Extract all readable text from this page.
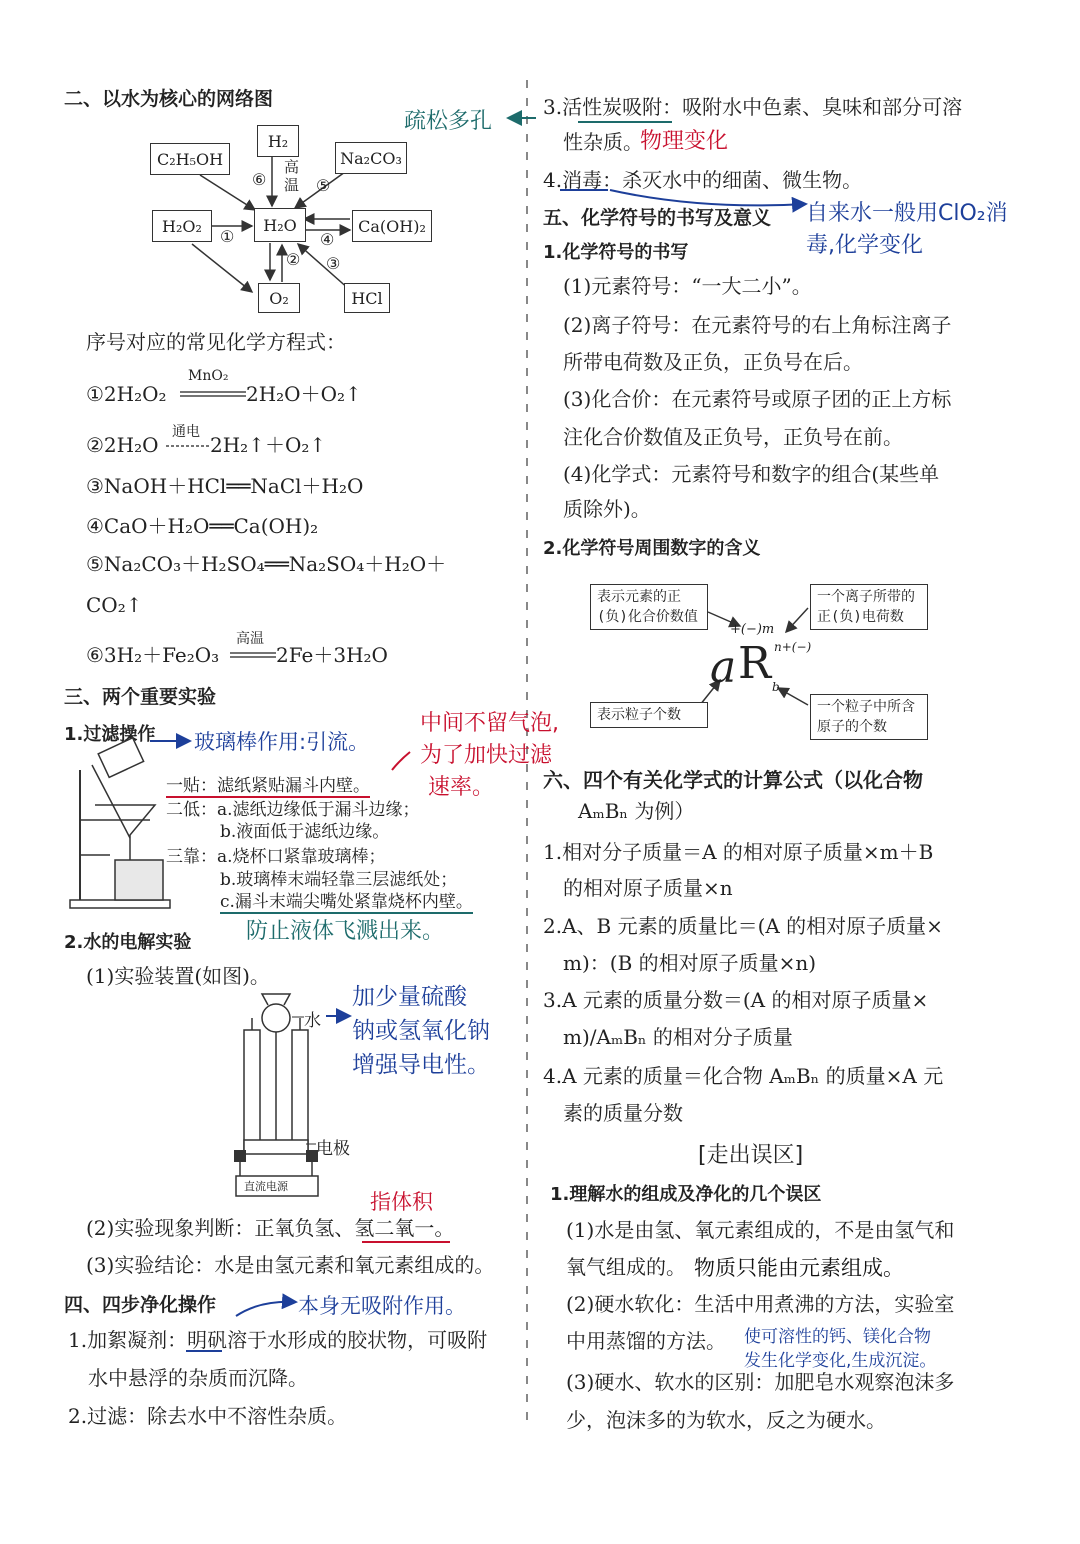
二、以水为核心的网络图
C₂H₅OH
H₂
Na₂CO₃
H₂O₂	H₂O	Ca(OH)₂
O₂	HCl
⑥
高温 ⑤
①	④
② ③
序号对应的常见化学方程式：
①2H₂O₂
MnO₂
2H₂O＋O₂↑
②2H₂O
通电
2H₂↑＋O₂↑
③NaOH＋HCl══NaCl＋H₂O
④CaO＋H₂O══Ca(OH)₂
⑤Na₂CO₃＋H₂SO₄══Na₂SO₄＋H₂O＋
CO₂↑
⑥3H₂＋Fe₂O₃
高温
2Fe＋3H₂O
三、两个重要实验
1.过滤操作 玻璃棒作用:引流。
中间不留气泡,
为了加快过滤
速率。
一贴：滤纸紧贴漏斗内壁。
二低：a.滤纸边缘低于漏斗边缘；
b.液面低于滤纸边缘。
三靠：a.烧杯口紧靠玻璃棒；
b.玻璃棒末端轻靠三层滤纸处；
c.漏斗末端尖嘴处紧靠烧杯内壁。
防止液体飞溅出来。
2.水的电解实验
(1)实验装置(如图)。
水
电极
直流电源
加少量硫酸
钠或氢氧化钠
增强导电性。
指体积
(2)实验现象判断：正氧负氢、氢二氧一。
(3)实验结论：水是由氢元素和氧元素组成的。
四、四步净化操作	本身无吸附作用。
1.加絮凝剂：明矾溶于水形成的胶状物，可吸附
水中悬浮的杂质而沉降。
2.过滤：除去水中不溶性杂质。
疏松多孔
3.活性炭吸附：吸附水中色素、臭味和部分可溶
性杂质。
物理变化
4.消毒：杀灭水中的细菌、微生物。
自来水一般用ClO₂消
毒,化学变化
五、化学符号的书写及意义
1.化学符号的书写
(1)元素符号：“一大二小”。
(2)离子符号：在元素符号的右上角标注离子
所带电荷数及正负，正负号在后。
(3)化合价：在元素符号或原子团的正上方标
注化合价数值及正负号，正负号在前。
(4)化学式：元素符号和数字的组合(某些单
质除外)。
2.化学符号周围数字的含义
表示元素的正(负)化合价数值
一个离子所带的正(负)电荷数
表示粒子个数	一个粒子中所含原子的个数
+(−)m
a R n+(−)
b
六、四个有关化学式的计算公式（以化合物
AₘBₙ 为例）
1.相对分子质量＝A 的相对原子质量×m＋B
的相对原子质量×n
2.A、B 元素的质量比＝(A 的相对原子质量×
m)：(B 的相对原子质量×n)
3.A 元素的质量分数＝(A 的相对原子质量×
m)/AₘBₙ 的相对分子质量
4.A 元素的质量＝化合物 AₘBₙ 的质量×A 元
素的质量分数
[走出误区]
1.理解水的组成及净化的几个误区
(1)水是由氢、氧元素组成的，不是由氢气和
氧气组成的。 物质只能由元素组成。
(2)硬水软化：生活中用煮沸的方法，实验室
中用蒸馏的方法。 使可溶性的钙、镁化合物
发生化学变化,生成沉淀。
(3)硬水、软水的区别：加肥皂水观察泡沫多
少，泡沫多的为软水，反之为硬水。
